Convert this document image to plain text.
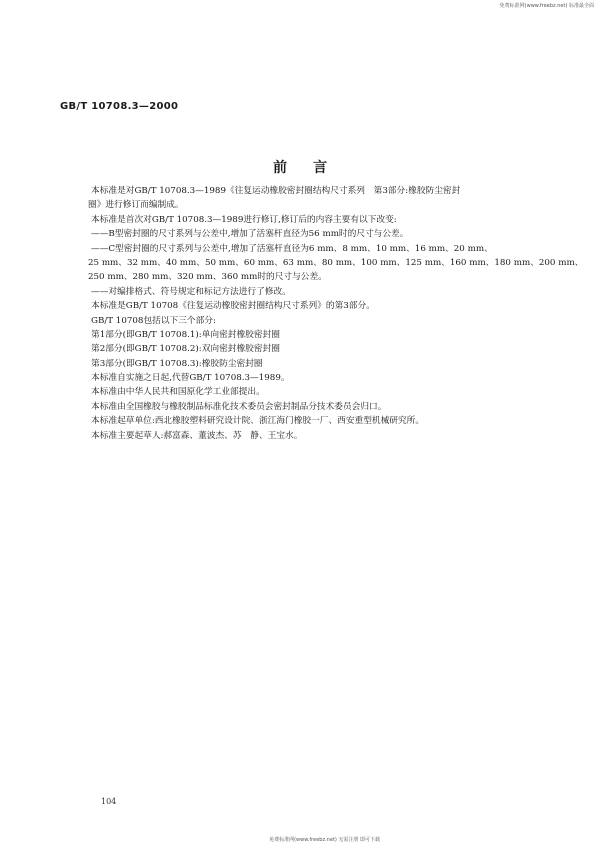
免费标准网(www.freebz.net) 标准最全面
GB/T 10708.3—2000
前言
本标准是对GB/T 10708.3—1989《往复运动橡胶密封圈结构尺寸系列　第3部分:橡胶防尘密封
圈》进行修订而编制成。
本标准是首次对GB/T 10708.3—1989进行修订,修订后的内容主要有以下改变:
——B型密封圈的尺寸系列与公差中,增加了活塞杆直径为56 mm时的尺寸与公差。
——C型密封圈的尺寸系列与公差中,增加了活塞杆直径为6 mm、8 mm、10 mm、16 mm、20 mm、
25 mm、32 mm、40 mm、50 mm、60 mm、63 mm、80 mm、100 mm、125 mm、160 mm、180 mm、200 mm、
250 mm、280 mm、320 mm、360 mm时的尺寸与公差。
——对编排格式、符号规定和标记方法进行了修改。
本标准是GB/T 10708《往复运动橡胶密封圈结构尺寸系列》的第3部分。
GB/T 10708包括以下三个部分:
第1部分(即GB/T 10708.1):单向密封橡胶密封圈
第2部分(即GB/T 10708.2):双向密封橡胶密封圈
第3部分(即GB/T 10708.3):橡胶防尘密封圈
本标准自实施之日起,代替GB/T 10708.3—1989。
本标准由中华人民共和国原化学工业部提出。
本标准由全国橡胶与橡胶制品标准化技术委员会密封制品分技术委员会归口。
本标准起草单位:西北橡胶塑料研究设计院、浙江海门橡胶一厂、西安重型机械研究所。
本标准主要起草人:郝富森、董波杰、苏　静、王宝水。
104
免费标准网(www.freebz.net) 无需注册 即可下载
